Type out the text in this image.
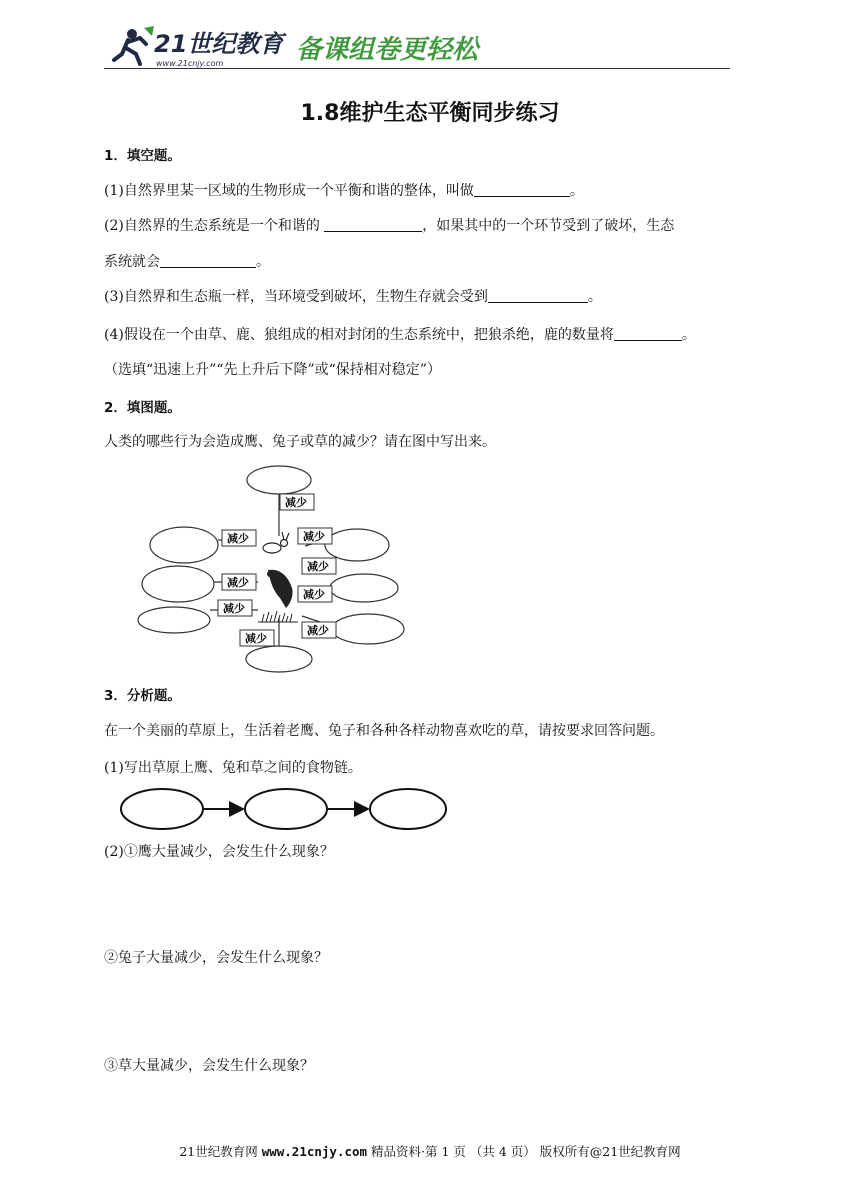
21世纪教育
www.21cnjy.com	备课组卷更轻松
1.8维护生态平衡同步练习
1．填空题。
(1)自然界里某一区域的生物形成一个平衡和谐的整体，叫做	。
(2)自然界的生态系统是一个和谐的	，如果其中的一个环节受到了破坏，生态
系统就会	。
(3)自然界和生态瓶一样，当环境受到破坏，生物生存就会受到	。
(4)假设在一个由草、鹿、狼组成的相对封闭的生态系统中，把狼杀绝，鹿的数量将	。
（选填“迅速上升”“先上升后下降”或“保持相对稳定”）
2．填图题。
人类的哪些行为会造成鹰、兔子或草的减少？请在图中写出来。
减少
减少	减少
减少
减少
减少
减少
减少
减少
3．分析题。
在一个美丽的草原上，生活着老鹰、兔子和各种各样动物喜欢吃的草，请按要求回答问题。
(1)写出草原上鹰、兔和草之间的食物链。
(2)①鹰大量减少，会发生什么现象？
②兔子大量减少，会发生什么现象？
③草大量减少，会发生什么现象？
21世纪教育网 www.21cnjy.com 精品资料·第 1 页 （共 4 页） 版权所有@21世纪教育网
